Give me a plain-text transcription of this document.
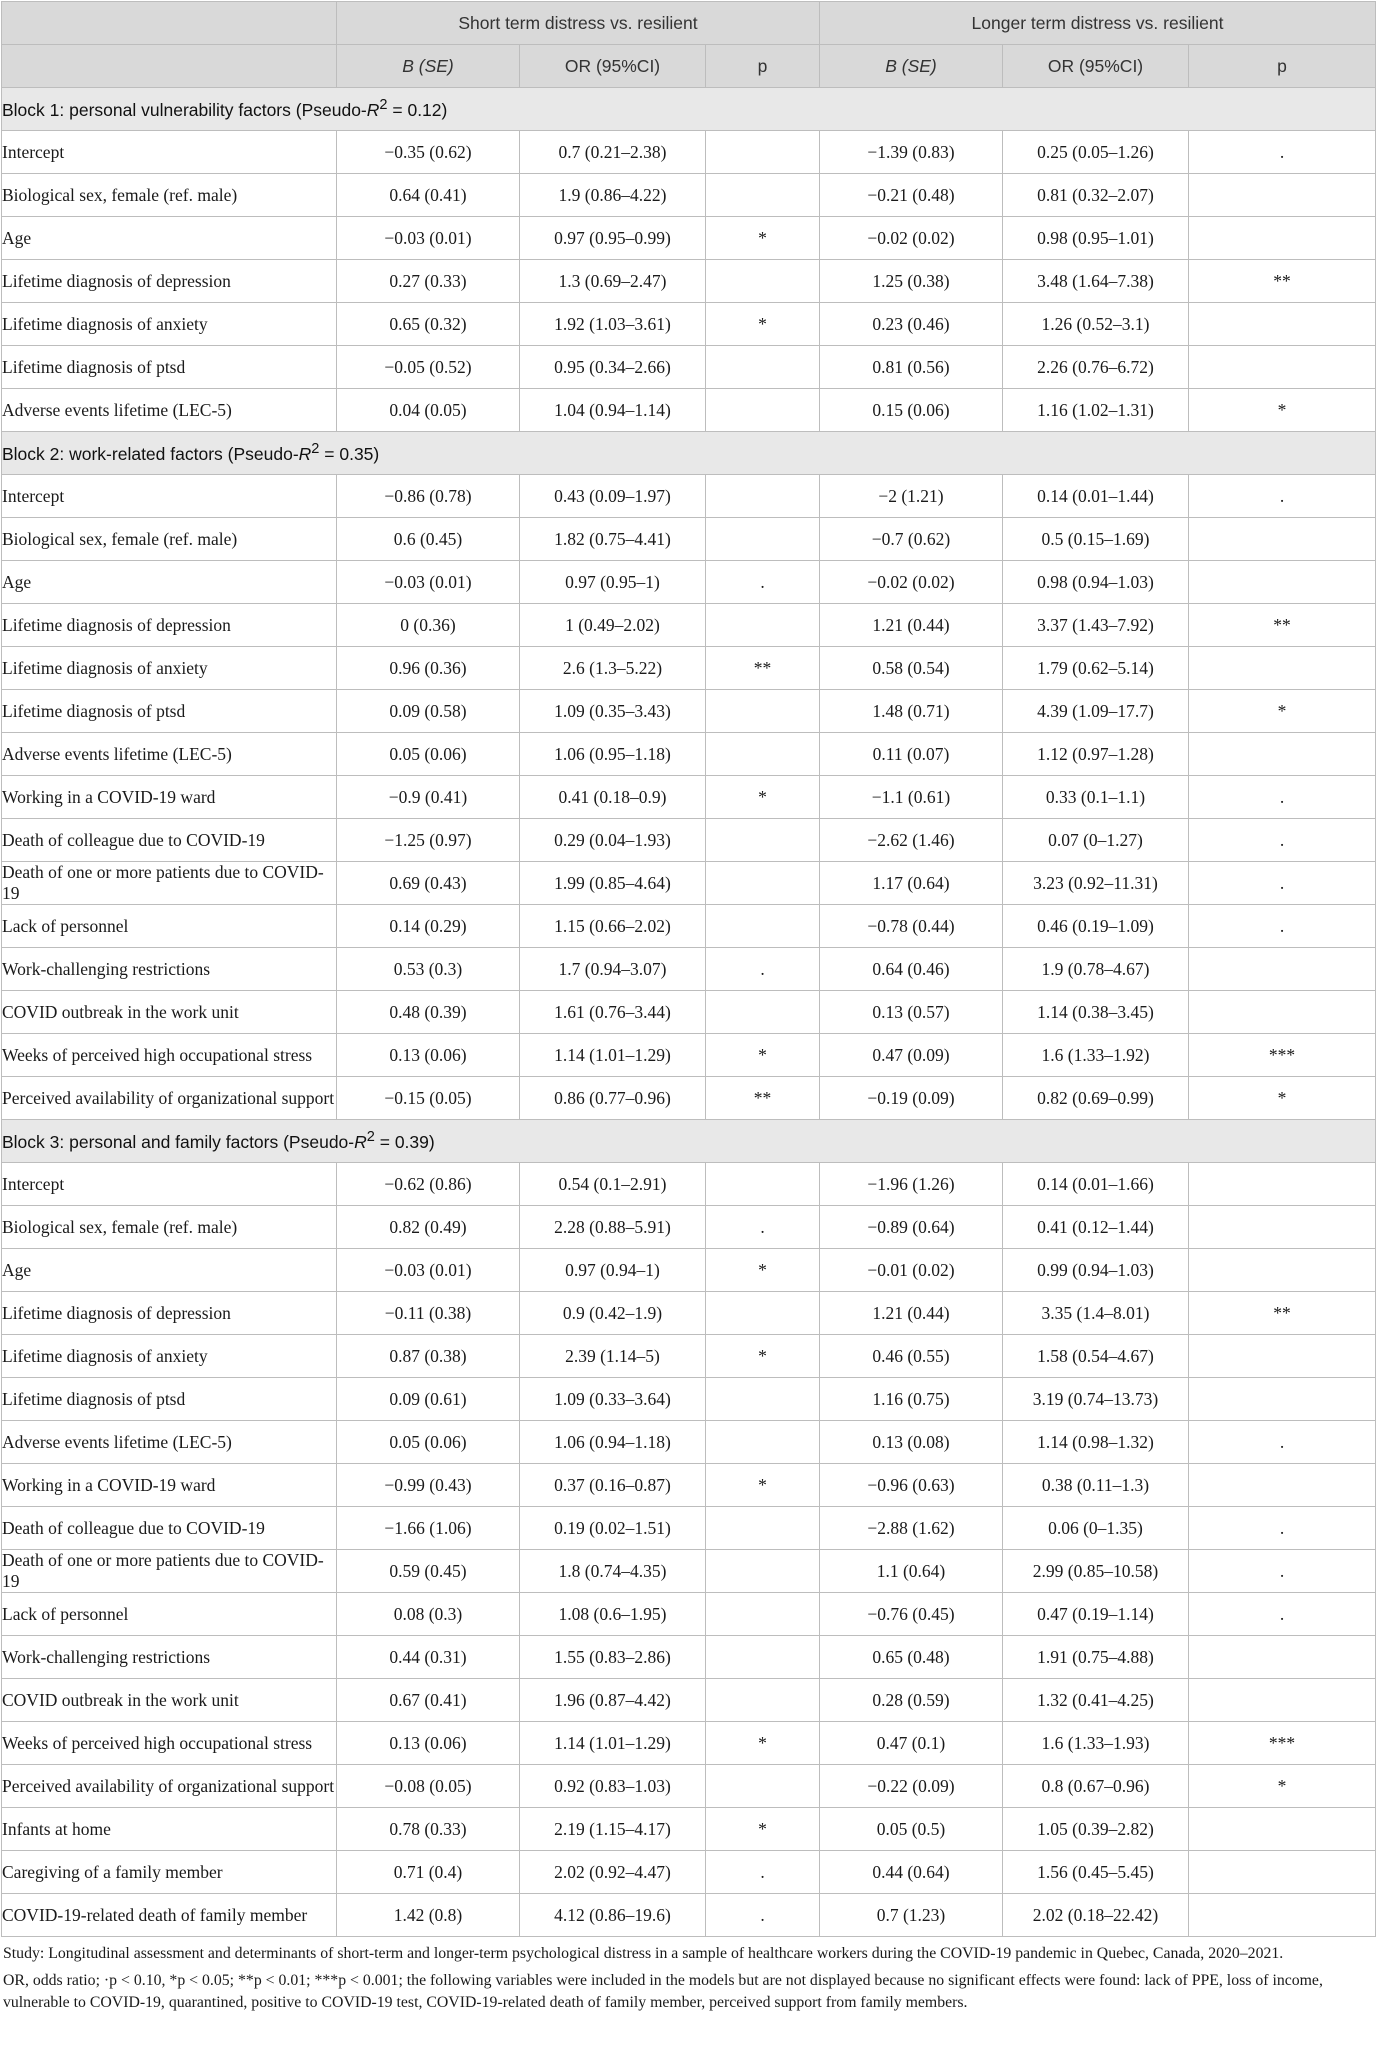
	Short term distress vs. resilient			Longer term distress vs. resilient		
	B (SE)	OR (95%CI)	p	B (SE)	OR (95%CI)	p
Block 1: personal vulnerability factors $(Pseudo-R^2 = 0.12)$						
Intercept	−0.35 (0.62)	0.7 (0.21–2.38)		−1.39 (0.83)	0.25 (0.05–1.26)	.
Biological sex, female (ref. male)	0.64 (0.41)	1.9 (0.86–4.22)		−0.21 (0.48)	0.81 (0.32–2.07)	
Age	−0.03 (0.01)	0.97 (0.95–0.99)	*	−0.02 (0.02)	0.98 (0.95–1.01)	
Lifetime diagnosis of depression	0.27 (0.33)	1.3 (0.69–2.47)		1.25 (0.38)	3.48 (1.64–7.38)	**
Lifetime diagnosis of anxiety	0.65 (0.32)	1.92 (1.03–3.61)	*	0.23 (0.46)	1.26 (0.52–3.1)	
Lifetime diagnosis of ptsd	−0.05 (0.52)	0.95 (0.34–2.66)		0.81 (0.56)	2.26 (0.76–6.72)	
Adverse events lifetime (LEC-5)	0.04 (0.05)	1.04 (0.94–1.14)		0.15 (0.06)	1.16 (1.02–1.31)	*
Block 2: work-related factors $(Pseudo-R^2 = 0.35)$						
Intercept	−0.86 (0.78)	0.43 (0.09–1.97)		−2 (1.21)	0.14 (0.01–1.44)	.
Biological sex, female (ref. male)	0.6 (0.45)	1.82 (0.75–4.41)		−0.7 (0.62)	0.5 (0.15–1.69)	
Age	−0.03 (0.01)	0.97 (0.95–1)	.	−0.02 (0.02)	0.98 (0.94–1.03)	
Lifetime diagnosis of depression	0 (0.36)	1 (0.49–2.02)		1.21 (0.44)	3.37 (1.43–7.92)	**
Lifetime diagnosis of anxiety	0.96 (0.36)	2.6 (1.3–5.22)	**	0.58 (0.54)	1.79 (0.62–5.14)	
Lifetime diagnosis of ptsd	0.09 (0.58)	1.09 (0.35–3.43)		1.48 (0.71)	4.39 (1.09–17.7)	*
Adverse events lifetime (LEC-5)	0.05 (0.06)	1.06 (0.95–1.18)		0.11 (0.07)	1.12 (0.97–1.28)	
Working in a COVID-19 ward	−0.9 (0.41)	0.41 (0.18–0.9)	*	−1.1 (0.61)	0.33 (0.1–1.1)	.
Death of colleague due to COVID-19	−1.25 (0.97)	0.29 (0.04–1.93)		−2.62 (1.46)	0.07 (0–1.27)	.
Death of one or more patients due to COVID-19	0.69 (0.43)	1.99 (0.85–4.64)		1.17 (0.64)	3.23 (0.92–11.31)	.
Lack of personnel	0.14 (0.29)	1.15 (0.66–2.02)		−0.78 (0.44)	0.46 (0.19–1.09)	.
Work-challenging restrictions	0.53 (0.3)	1.7 (0.94–3.07)	.	0.64 (0.46)	1.9 (0.78–4.67)	
COVID outbreak in the work unit	0.48 (0.39)	1.61 (0.76–3.44)		0.13 (0.57)	1.14 (0.38–3.45)	
Weeks of perceived high occupational stress	0.13 (0.06)	1.14 (1.01–1.29)	*	0.47 (0.09)	1.6 (1.33–1.92)	***
Perceived availability of organizational support	−0.15 (0.05)	0.86 (0.77–0.96)	**	−0.19 (0.09)	0.82 (0.69–0.99)	*
Block 3: personal and family factors $(Pseudo-R^2 = 0.39)$						
Intercept	−0.62 (0.86)	0.54 (0.1–2.91)		−1.96 (1.26)	0.14 (0.01–1.66)	
Biological sex, female (ref. male)	0.82 (0.49)	2.28 (0.88–5.91)	.	−0.89 (0.64)	0.41 (0.12–1.44)	
Age	−0.03 (0.01)	0.97 (0.94–1)	*	−0.01 (0.02)	0.99 (0.94–1.03)	
Lifetime diagnosis of depression	−0.11 (0.38)	0.9 (0.42–1.9)		1.21 (0.44)	3.35 (1.4–8.01)	**
Lifetime diagnosis of anxiety	0.87 (0.38)	2.39 (1.14–5)	*	0.46 (0.55)	1.58 (0.54–4.67)	
Lifetime diagnosis of ptsd	0.09 (0.61)	1.09 (0.33–3.64)		1.16 (0.75)	3.19 (0.74–13.73)	
Adverse events lifetime (LEC-5)	0.05 (0.06)	1.06 (0.94–1.18)		0.13 (0.08)	1.14 (0.98–1.32)	.
Working in a COVID-19 ward	−0.99 (0.43)	0.37 (0.16–0.87)	*	−0.96 (0.63)	0.38 (0.11–1.3)	
Death of colleague due to COVID-19	−1.66 (1.06)	0.19 (0.02–1.51)		−2.88 (1.62)	0.06 (0–1.35)	.
Death of one or more patients due to COVID-19	0.59 (0.45)	1.8 (0.74–4.35)		1.1 (0.64)	2.99 (0.85–10.58)	.
Lack of personnel	0.08 (0.3)	1.08 (0.6–1.95)		−0.76 (0.45)	0.47 (0.19–1.14)	.
Work-challenging restrictions	0.44 (0.31)	1.55 (0.83–2.86)		0.65 (0.48)	1.91 (0.75–4.88)	
COVID outbreak in the work unit	0.67 (0.41)	1.96 (0.87–4.42)		0.28 (0.59)	1.32 (0.41–4.25)	
Weeks of perceived high occupational stress	0.13 (0.06)	1.14 (1.01–1.29)	*	0.47 (0.1)	1.6 (1.33–1.93)	***
Perceived availability of organizational support	−0.08 (0.05)	0.92 (0.83–1.03)		−0.22 (0.09)	0.8 (0.67–0.96)	*
Infants at home	0.78 (0.33)	2.19 (1.15–4.17)	*	0.05 (0.5)	1.05 (0.39–2.82)	
Caregiving of a family member	0.71 (0.4)	2.02 (0.92–4.47)	.	0.44 (0.64)	1.56 (0.45–5.45)	
COVID-19-related death of family member	1.42 (0.8)	4.12 (0.86–19.6)	.	0.7 (1.23)	2.02 (0.18–22.42)	

Study: Longitudinal assessment and determinants of short-term and longer-term psychological distress in a sample of healthcare workers during the COVID-19 pandemic in Quebec, Canada, 2020–2021.

OR, odds ratio; ·p < 0.10, *p < 0.05; **p < 0.01; ***p < 0.001; the following variables were included in the models but are not displayed because no significant effects were found: lack of PPE, loss of income, vulnerable to COVID-19, quarantined, positive to COVID-19 test, COVID-19-related death of family member, perceived support from family members.
